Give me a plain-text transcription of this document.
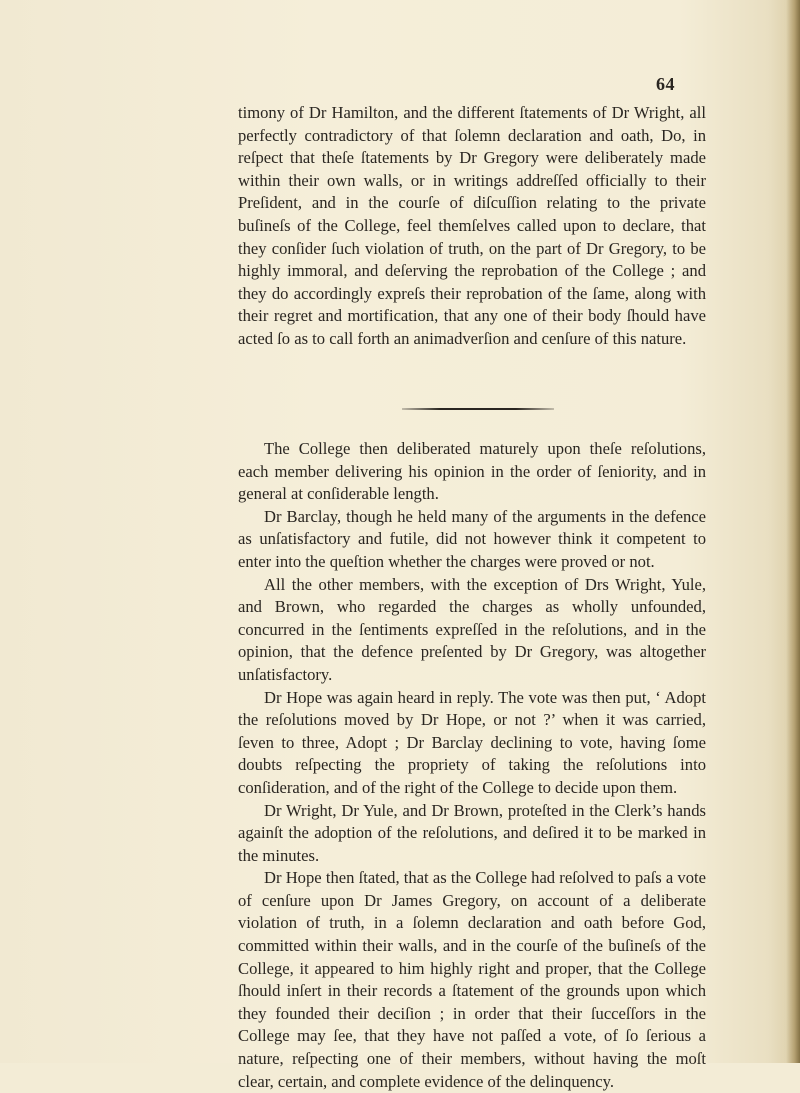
64

timony of Dr Hamilton, and the different ſtatements of Dr Wright, all perfectly contradictory of that ſolemn declaration and oath, Do, in reſpect that theſe ſtatements by Dr Gregory were deliberately made within their own walls, or in writings addreſſed officially to their Preſident, and in the courſe of diſcuſſion relating to the private buſineſs of the College, feel themſelves called upon to declare, that they conſider ſuch violation of truth, on the part of Dr Gregory, to be highly immoral, and deſerving the reprobation of the College ; and they do accordingly expreſs their reprobation of the ſame, along with their regret and mortification, that any one of their body ſhould have acted ſo as to call forth an animadverſion and cenſure of this nature.

The College then deliberated maturely upon theſe reſolutions, each member delivering his opinion in the order of ſeniority, and in general at conſiderable length.

Dr Barclay, though he held many of the arguments in the defence as unſatisfactory and futile, did not however think it competent to enter into the queſtion whether the charges were proved or not.

All the other members, with the exception of Drs Wright, Yule, and Brown, who regarded the charges as wholly unfounded, concurred in the ſentiments expreſſed in the reſolutions, and in the opinion, that the defence preſented by Dr Gregory, was altogether unſatisfactory.

Dr Hope was again heard in reply. The vote was then put, ‘ Adopt the reſolutions moved by Dr Hope, or not ?’ when it was carried, ſeven to three, Adopt ; Dr Barclay declining to vote, having ſome doubts reſpecting the propriety of taking the reſolutions into conſideration, and of the right of the College to decide upon them.

Dr Wright, Dr Yule, and Dr Brown, proteſted in the Clerk’s hands againſt the adoption of the reſolutions, and deſired it to be marked in the minutes.

Dr Hope then ſtated, that as the College had reſolved to paſs a vote of cenſure upon Dr James Gregory, on account of a deliberate violation of truth, in a ſolemn declaration and oath before God, committed within their walls, and in the courſe of the buſineſs of the College, it appeared to him highly right and proper, that the College ſhould inſert in their records a ſtatement of the grounds upon which they founded their deciſion ; in order that their ſucceſſors in the College may ſee, that they have not paſſed a vote, of ſo ſerious a nature, reſpecting one of their members, without having the moſt clear, certain, and complete evidence of the delinquency.
